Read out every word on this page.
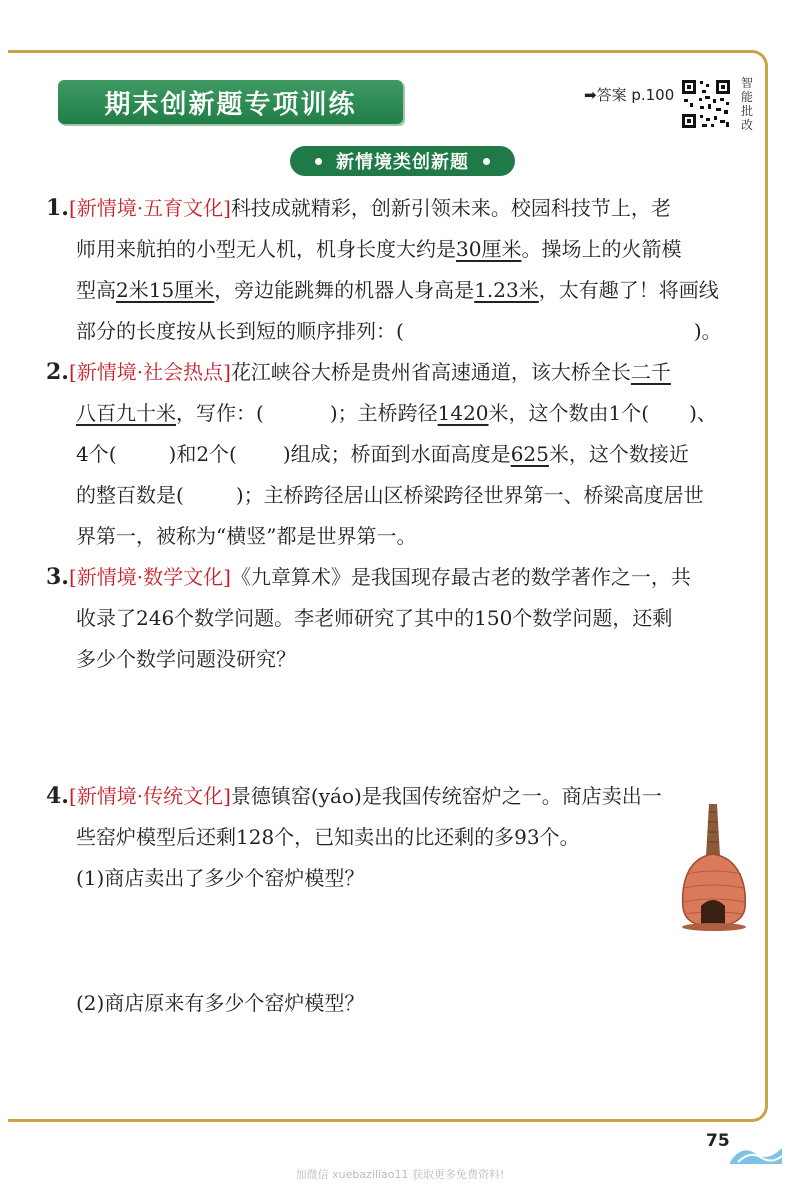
期末创新题专项训练	➡答案 p.100
智能批改
新情境类创新题
1.[新情境·五育文化]科技成就精彩，创新引领未来。校园科技节上，老
师用来航拍的小型无人机，机身长度大约是30厘米。操场上的火箭模
型高2米15厘米，旁边能跳舞的机器人身高是1.23米，太有趣了！将画线
部分的长度按从长到短的顺序排列：(	)。
2.[新情境·社会热点]花江峡谷大桥是贵州省高速通道，该大桥全长二千
八百九十米，写作：(	)；主桥跨径1420米，这个数由1个( )、
4个(	)和2个( )组成；桥面到水面高度是625米，这个数接近
的整百数是(	)；主桥跨径居山区桥梁跨径世界第一、桥梁高度居世
界第一，被称为“横竖”都是世界第一。
3.[新情境·数学文化]《九章算术》是我国现存最古老的数学著作之一，共
收录了246个数学问题。李老师研究了其中的150个数学问题，还剩
多少个数学问题没研究？
4.[新情境·传统文化]景德镇窑(yáo)是我国传统窑炉之一。商店卖出一
些窑炉模型后还剩128个，已知卖出的比还剩的多93个。
(1)商店卖出了多少个窑炉模型？
(2)商店原来有多少个窑炉模型？
75
加微信 xuebaziliao11 获取更多免费资料!
